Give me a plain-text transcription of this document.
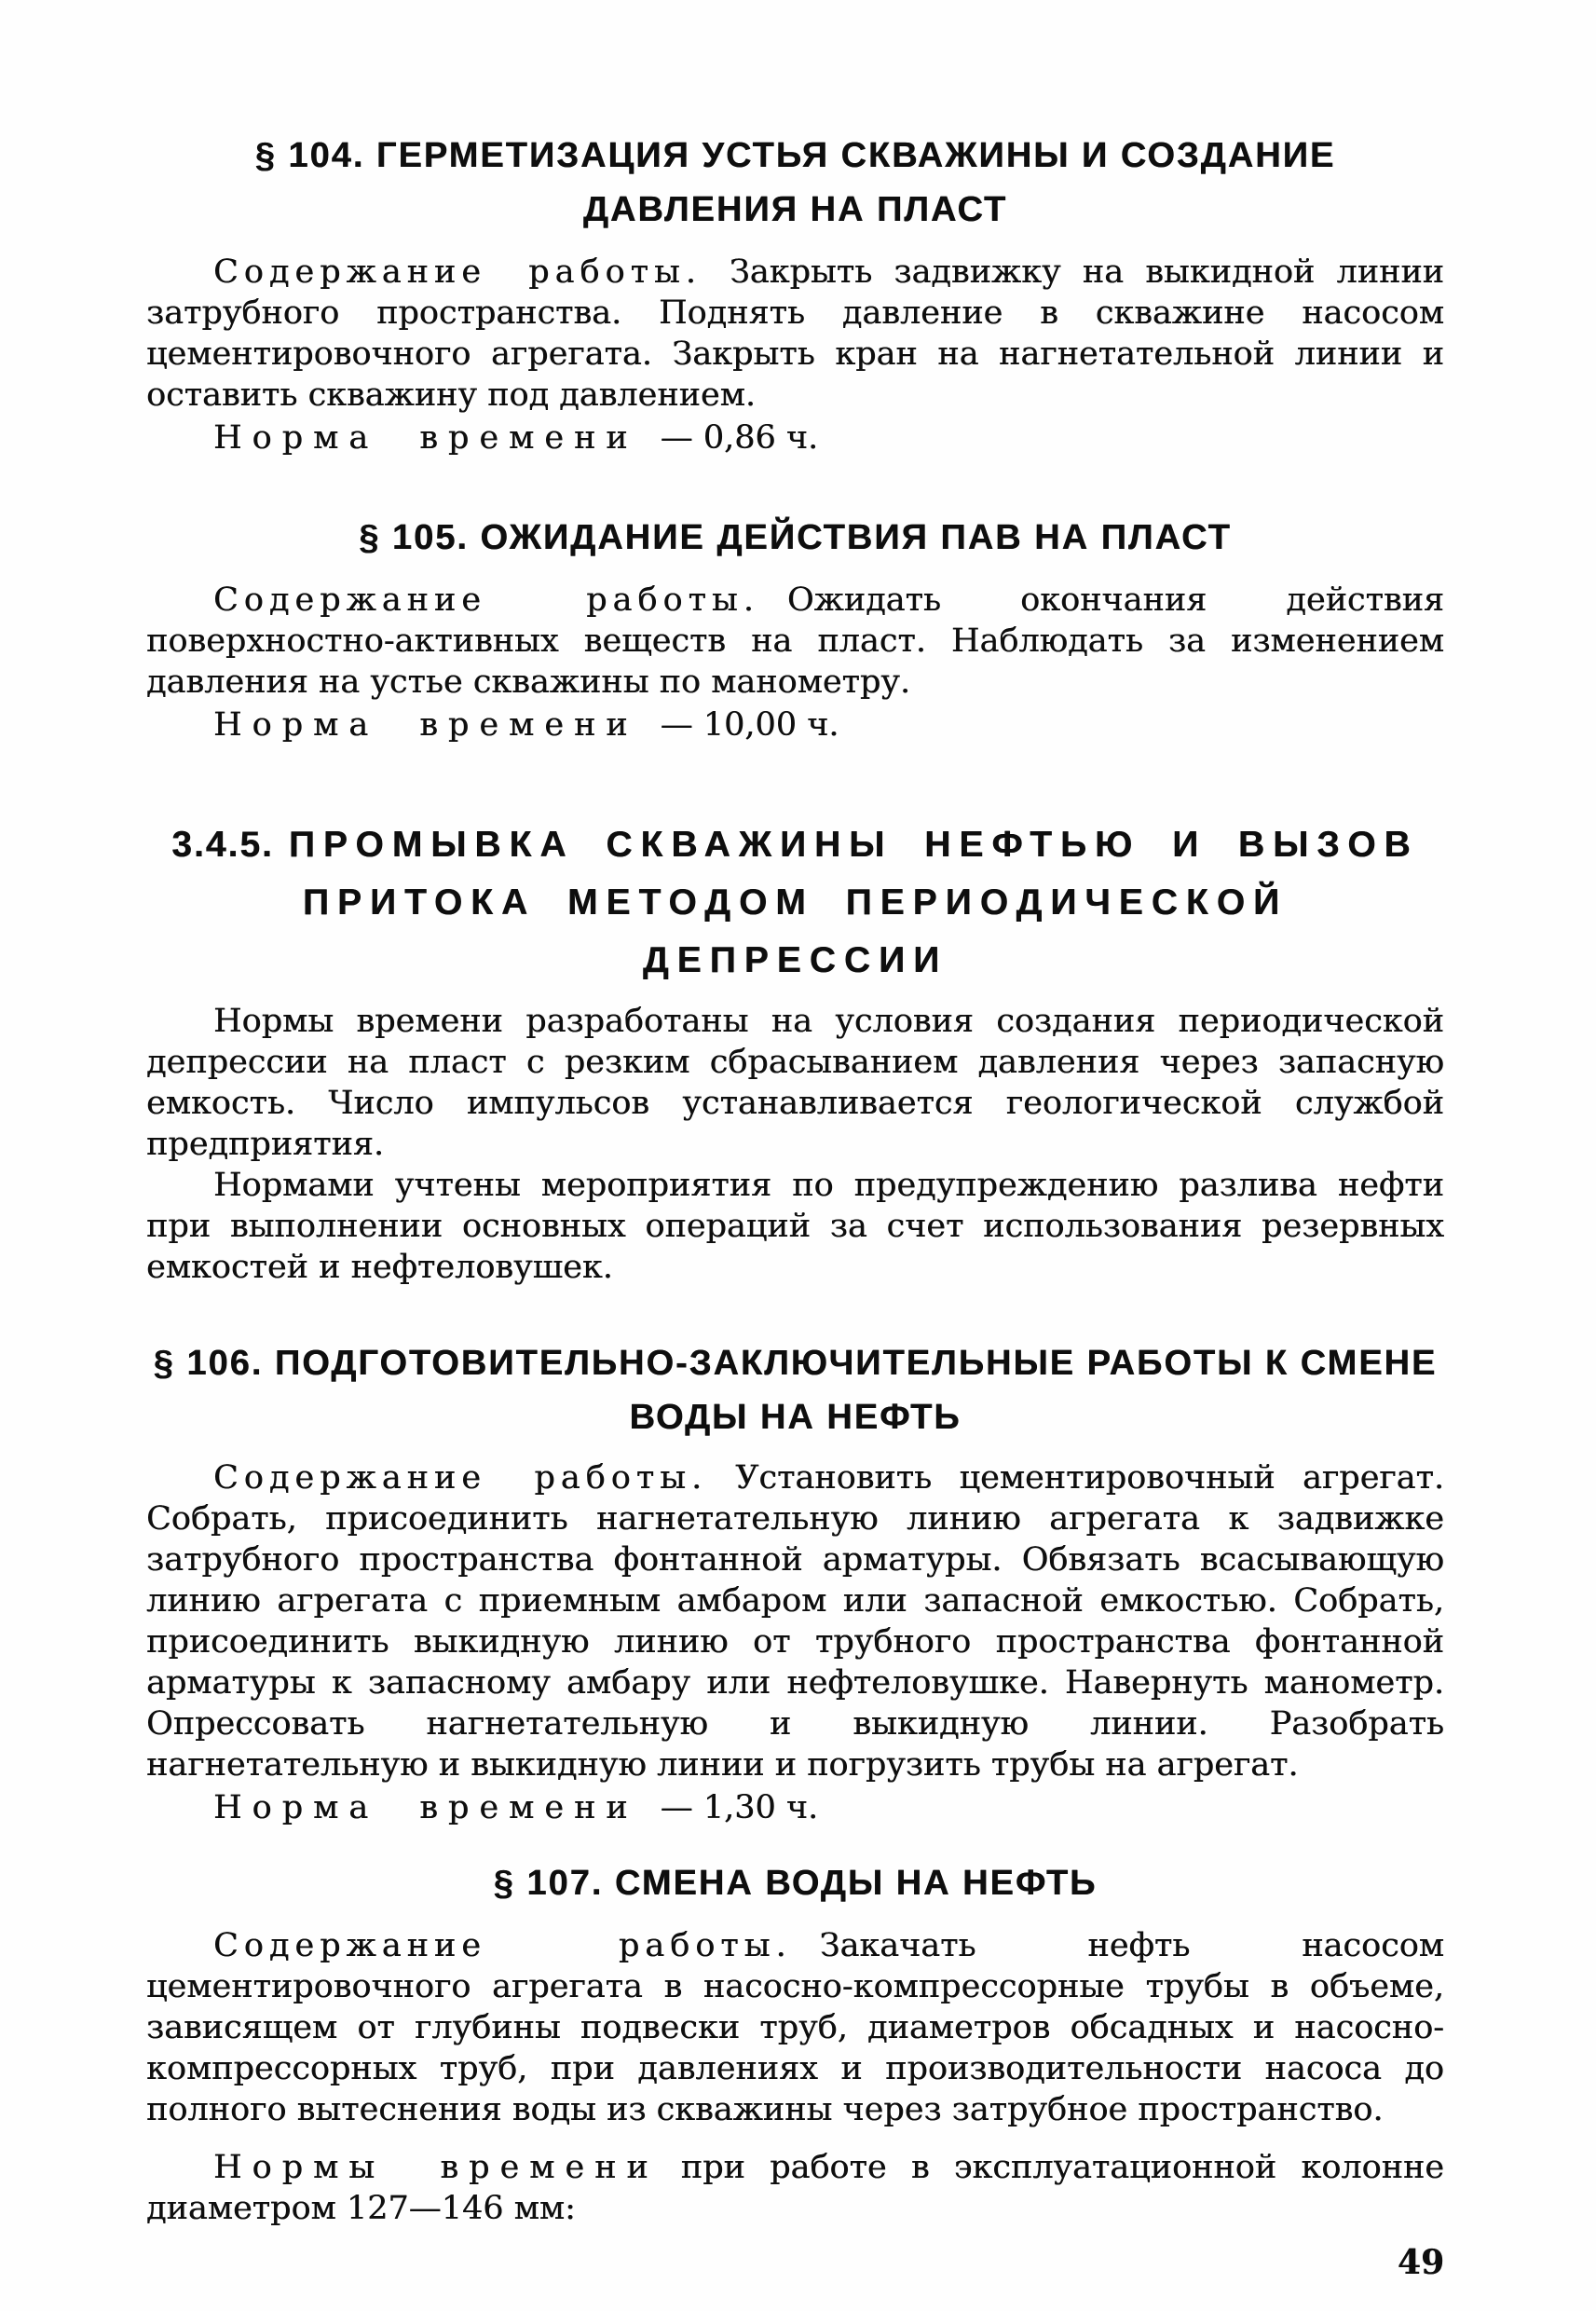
§ 104. ГЕРМЕТИЗАЦИЯ УСТЬЯ СКВАЖИНЫ И СОЗДАНИЕ
ДАВЛЕНИЯ НА ПЛАСТ

Содержание работы. Закрыть задвижку на выкидной линии затрубного пространства. Поднять давление в скважине насосом цементировочного агрегата. Закрыть кран на нагнетательной линии и оставить скважину под давлением.

Норма времени — 0,86 ч.

§ 105. ОЖИДАНИЕ ДЕЙСТВИЯ ПАВ НА ПЛАСТ

Содержание работы. Ожидать окончания действия поверхностно-активных веществ на пласт. Наблюдать за изменением давления на устье скважины по манометру.

Норма времени — 10,00 ч.

3.4.5. ПРОМЫВКА СКВАЖИНЫ НЕФТЬЮ И ВЫЗОВ
ПРИТОКА МЕТОДОМ ПЕРИОДИЧЕСКОЙ
ДЕПРЕССИИ

Нормы времени разработаны на условия создания периодической депрессии на пласт с резким сбрасыванием давления через запасную емкость. Число импульсов устанавливается геологической службой предприятия.

Нормами учтены мероприятия по предупреждению разлива нефти при выполнении основных операций за счет использования резервных емкостей и нефтеловушек.

§ 106. ПОДГОТОВИТЕЛЬНО-ЗАКЛЮЧИТЕЛЬНЫЕ РАБОТЫ К СМЕНЕ
ВОДЫ НА НЕФТЬ

Содержание работы. Установить цементировочный агрегат. Собрать, присоединить нагнетательную линию агрегата к задвижке затрубного пространства фонтанной арматуры. Обвязать всасывающую линию агрегата с приемным амбаром или запасной емкостью. Собрать, присоединить выкидную линию от трубного пространства фонтанной арматуры к запасному амбару или нефтеловушке. Навернуть манометр. Опрессовать нагнетательную и выкидную линии. Разобрать нагнетательную и выкидную линии и погрузить трубы на агрегат.

Норма времени — 1,30 ч.

§ 107. СМЕНА ВОДЫ НА НЕФТЬ

Содержание работы. Закачать нефть насосом цементировочного агрегата в насосно-компрессорные трубы в объеме, зависящем от глубины подвески труб, диаметров обсадных и насосно-компрессорных труб, при давлениях и производительности насоса до полного вытеснения воды из скважины через затрубное пространство.

Нормы времени при работе в эксплуатационной колонне диаметром 127—146 мм:

49
